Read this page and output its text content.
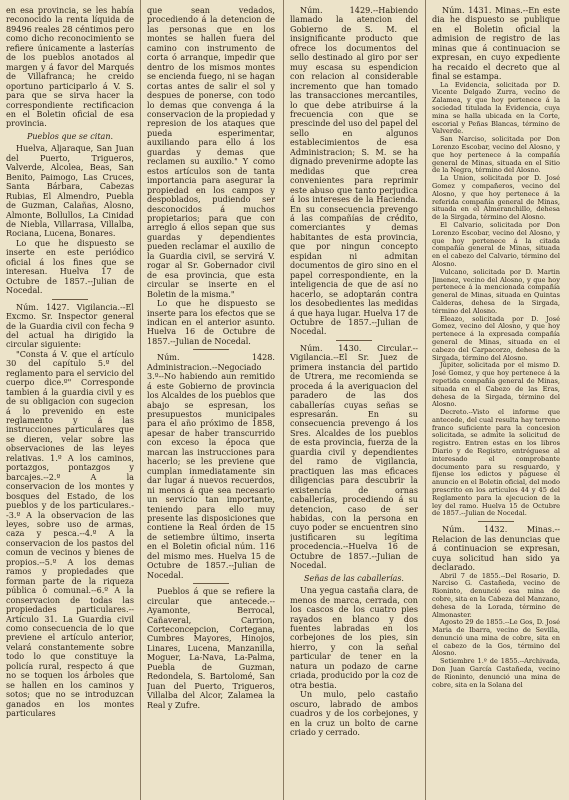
en esa provincia, se les había reconocido la renta líquida de 89496 reales 28 céntimos pero como dicho reconocimiento se refiere únicamente a lasterías de los pueblos anotados al margen y á favor del Marqués de Villafranca; he creido oportuno participarlo á V. S. para que se sirva hacer la correspondiente rectificacion en el Boletin oficial de esa provincia.

Pueblos que se citan.

Huelva, Aljaraque, San Juan del Puerto, Trigueros, Valverde, Alcolea, Beas, San Benito, Paimogo, Las Cruces, Santa Bárbara, Cabezas Rubias, El Almendro, Puebla de Guzman, Calañas, Alosno, Almonte, Bollullos, La Cinidad de Niebla, Villarrasa, Villalba, Rociana, Lucena, Bonares.

Lo que he dispuesto se inserte en este periódico oficial á los fines que se interesan. Huelva 17 de Octubre de 1857.--Julian de Nocedal.

Núm. 1427. Vigilancia.--El Excmo. Sr. Inspector general de la Guardia civil con fecha 9 del actual ha dirigido la circular siguiente:

"Consta á V. que el artículo 30 del capítulo 5.º del reglamento para el servicio del cuerpo dice.º" Corresponde tambien á la guardia civil y es de su obligacion con sugecion á lo prevenido en este reglamento y á las instrucciones particulares que se dieren, velar sobre las observaciones de las leyes relativas. 1.º A los caminos, portazgos, pontazgos y barcajes.--2.º A la conservacion de los montes y bosques del Estado, de los pueblos y de los particulares.--3.º A la observacion de las leyes, sobre uso de armas, caza y pesca.--4.º A la conservacion de los pastos del comun de vecinos y bienes de propios.--5.º A los demas ramos y propiedades que forman parte de la riqueza pública ó comunal.--6.º A la conservacion de todas las propiedades particulares.--Artículo 31. La Guardia civil como consecuencia de lo que previene el artículo anterior, velará constantemente sobre todo lo que constituye la policía rural, respecto á que no se toquen los árboles que se hallen en los caminos y sotos; que no se introduzcan ganados en los montes particulares

que sean vedados, procediendo á la detencion de las personas que en los montes se hallen fuera del camino con instrumento de corta ó arranque, impedir que dentro de los mismos montes se encienda fuego, ni se hagan cortas antes de salir el sol y despues de ponerse, con todo lo demas que convenga á la conservacion de la propiedad y represion de los ataques que pueda esperimentar, auxiliando para ello á los guardas y demas que reclamen su auxilio." Y como estos artículos son de tanta importancia para asegurar la propiedad en los campos y despoblados, pudiendo ser desconocidos á muchos propietarios; para que con arreglo á ellos sepan que sus guardas y dependientes pueden reclamar el auxilio de la Guardia civil, se servirá V. rogar al Sr. Gobernador civil de esa provincia, que esta circular se inserte en el Boletin de la misma."

Lo que he dispuesto se inserte para los efectos que se indican en el anterior asunto. Huelva 16 de Octubre de 1857.--Julian de Nocedal.

Núm. 1428. Administracion.--Negociado 3.º--No habiendo aun remitido á este Gobierno de provincia los Alcaldes de los pueblos que abajo se espresan, los presupuestos municipales para el año próximo de 1858, apesar de haber transcurrido con exceso la época que marcan las instrucciones para hacerlo; se les previene que cumplan inmediatamente sin dar lugar á nuevos recuerdos, ni menos á que sea necesario un servicio tan importante, teniendo para ello muy presente las disposiciones que contiene la Real órden de 15 de setiembre último, inserta en el Boletin oficial núm. 116 del mismo mes. Huelva 15 de Octubre de 1857.--Julian de Nocedal.

Pueblos á que se refiere la circular que antecede.--Ayamonte, Berrocal, Cañaveral, Carrion, Corteconcepcion, Cortegana, Cumbres Mayores, Hinojos, Linares, Lucena, Manzanilla, Moguer, La-Nava, La-Palma, Puebla de Guzman, Redondela, S. Bartolomé, San Juan del Puerto, Trigueros, Villalba del Alcor, Zalamea la Real y Zufre.

Núm. 1429.--Habiendo llamado la atencion del Gobierno de S. M. el insignificante producto que ofrece los documentos del sello destinado al giro por ser muy escasa su espendicion con relacion al considerable incremento que han tomado las transacciones mercantiles, lo que debe atribuirse á la frecuencia con que se prescinde del uso del papel del sello en algunos establecimientos de esa Administracion; S. M. se ha dignado prevenirme adopte las medidas que crea convenientes para reprimir este abuso que tanto perjudica á los intereses de la Hacienda. En su consecuencia prevengo á las compañías de crédito, comerciantes y demas habitantes de esta provincia, que por ningun concepto espidan ni admitan documentos de giro sino en el papel correspondiente, en la inteligencia de que de así no hacerlo, se adoptarán contra los desobedientes las medidas á que haya lugar. Huelva 17 de Octubre de 1857.--Julian de Nocedal.

Núm. 1430. Circular.--Vigilancia.--El Sr. Juez de primera instancia del partido de Utrera, me recomienda se proceda á la averiguacion del paradero de las dos caballerías cuyas señas se espresarán. En su consecuencia prevengo á los Sres. Alcaldes de los pueblos de esta provincia, fuerza de la guardia civil y dependientes del ramo de vigilancia, practiquen las mas eficaces diligencias para descubrir la existencia de ornas caballerías, procediendo á su detencion, caso de ser habidas, con la persona en cuyo poder se encuentren sino justificaren su legítima procedencia.--Huelva 16 de Octubre de 1857.--Julian de Nocedal.

Señas de las caballerías.

Una yegua castaña clara, de menos de marca, cerrada, con los cascos de los cuatro pies rayados en blanco y dos fuentes labradas en los corbejones de los pies, sin hierro, y con la señal particular de tener en la natura un podazo de carne criada, producido por la coz de otra bestia.

Un mulo, pelo castaño oscuro, labrado de ambos cuadros y de los corbejones, y en la cruz un bolto de carne criado y cerrado.

Núm. 1431. Minas.--En este dia he dispuesto se publique en el Boletin oficial la admision de registro de las minas que á continuacion se expresan, en cuyo expediente ha recaido el decreto que al final se estampa.

La Evidencia, solicitada por D. Vicente Delgado Zurra, vecino de Zalamea, y que hoy pertenece á la sociedad titulada la Evidencia, cuya mina se halla ubicada en la Corte, escorial y Peñas Blancas, término de Valverde.

San Narciso, solicitada por Don Lorenzo Escobar, vecino del Alosno, y que hoy pertenece á la compañía general de Minas, situada en el Sitio de la Negra, término del Alosno.

La Union, solicitada por D. José Gomez y compañeros, vecino del Alosno, y que hoy pertenece á la referida compañía general de Minas, situada en el Almeranchillo, dehesa de la Sirgada, término del Alosno.

El Calvario, solicitada por Don Lorenzo Escobar, vecino del Alosno, y que hoy pertenece á la citada compañía general de Minas, situada en el cabezo del Calvario, término del Alosno.

Vulcano, solicitada por D. Martin Jimenez, vecino del Alosno, y que hoy pertenece á la mencionada compañía general de Minas, situada en Quintas Calderas, dehesa de la Sirgada, término del Alosno.

Eleazo, solicitada por D. José Gomez, vecino del Alosno, y que hoy pertenece á la expresada compañía general de Minas, situada en el cabezo del Carpacorzo, dehesa de la Sirgada, término del Alosno.

Júpiter, solicitada por el mismo D. José Gomez, y que hoy pertenece á la repetida compañía general de Minas, situada en el Cabezo de las Eras, dehesa de la Sirgada, término del Alosno.

Decreto.--Visto el informe que antecede, del cual resulta hay terreno franco suficiente para la concesion solicitada, se admite la solicitud de registro. Entren estas en los libros Diario y de Registro, entréguese al interesado el comprobante documento para su resguardo, y fíjense los edictos y páguese el anuncio en el Boletin oficial, del modo prescrito en los artículos 44 y 45 del Reglamento para la ejecucion de la ley del ramo. Huelva 15 de Octubre de 1857.--Julian de Nocedal.

Núm. 1432. Minas.--Relacion de las denuncias que á continuacion se expresan, cuya solicitud han sido ya declarado.

Abril 7 de 1855.--Del Rosario, D. Narciso G. Castañeda, vecino de Rioninto, denunció esa mina de cobre, sita en la Cabeza del Manzano, dehesa de la Lorada, término de Almonaster.

Agosto 29 de 1855.--Le Gos, D. José Maria de Ibarra, vecino de Sevilla, denunció una mina de cobre, sita en el cabezo de la Gos, término del Alosno.

Setiembre 1.º de 1855.--Archivada, Don Juan García Castañeda, vecino de Rioninto, denunció una mina de cobre, sita en la Solana del
